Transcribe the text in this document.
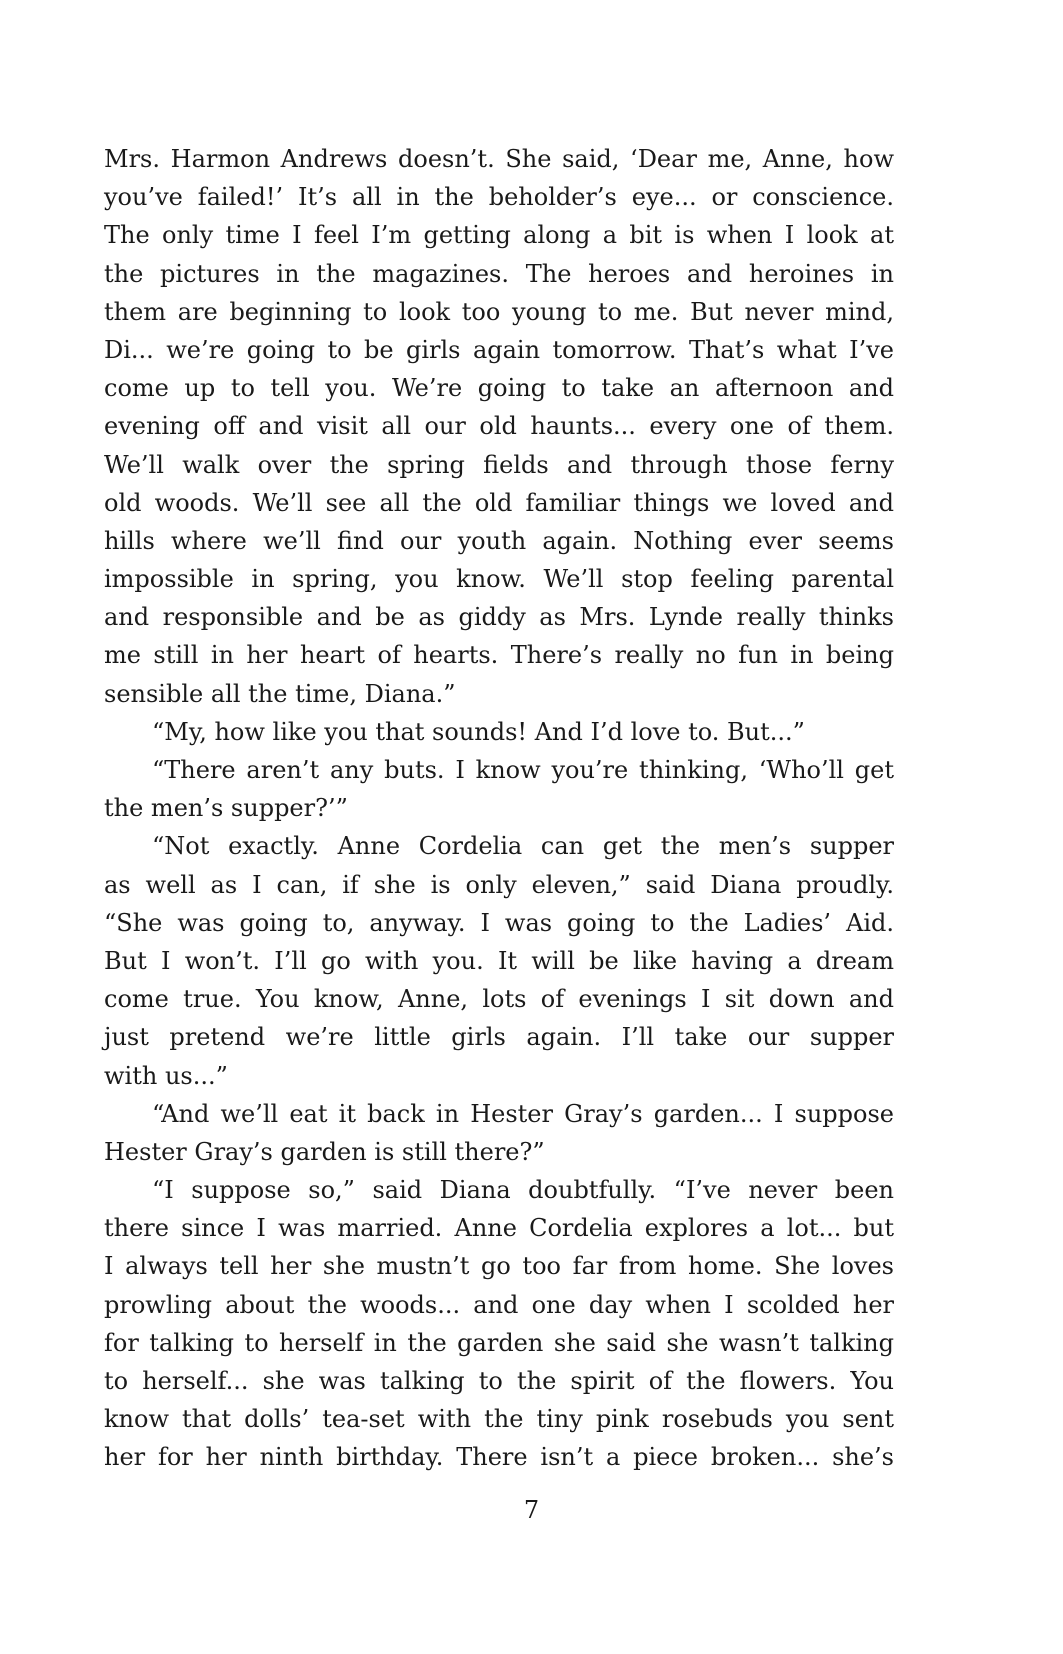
Mrs. Harmon Andrews doesn’t. She said, ‘Dear me, Anne, how
you’ve failed!’ It’s all in the beholder’s eye... or conscience.
The only time I feel I’m getting along a bit is when I look at
the pictures in the magazines. The heroes and heroines in
them are beginning to look too young to me. But never mind,
Di... we’re going to be girls again tomorrow. That’s what I’ve
come up to tell you. We’re going to take an afternoon and
evening off and visit all our old haunts... every one of them.
We’ll walk over the spring fields and through those ferny
old woods. We’ll see all the old familiar things we loved and
hills where we’ll find our youth again. Nothing ever seems
impossible in spring, you know. We’ll stop feeling parental
and responsible and be as giddy as Mrs. Lynde really thinks
me still in her heart of hearts. There’s really no fun in being
sensible all the time, Diana.”
“My, how like you that sounds! And I’d love to. But...”
“There aren’t any buts. I know you’re thinking, ‘Who’ll get
the men’s supper?’”
“Not exactly. Anne Cordelia can get the men’s supper
as well as I can, if she is only eleven,” said Diana proudly.
“She was going to, anyway. I was going to the Ladies’ Aid.
But I won’t. I’ll go with you. It will be like having a dream
come true. You know, Anne, lots of evenings I sit down and
just pretend we’re little girls again. I’ll take our supper
with us...”
“And we’ll eat it back in Hester Gray’s garden... I suppose
Hester Gray’s garden is still there?”
“I suppose so,” said Diana doubtfully. “I’ve never been
there since I was married. Anne Cordelia explores a lot... but
I always tell her she mustn’t go too far from home. She loves
prowling about the woods... and one day when I scolded her
for talking to herself in the garden she said she wasn’t talking
to herself... she was talking to the spirit of the flowers. You
know that dolls’ tea-set with the tiny pink rosebuds you sent
her for her ninth birthday. There isn’t a piece broken... she’s
7
